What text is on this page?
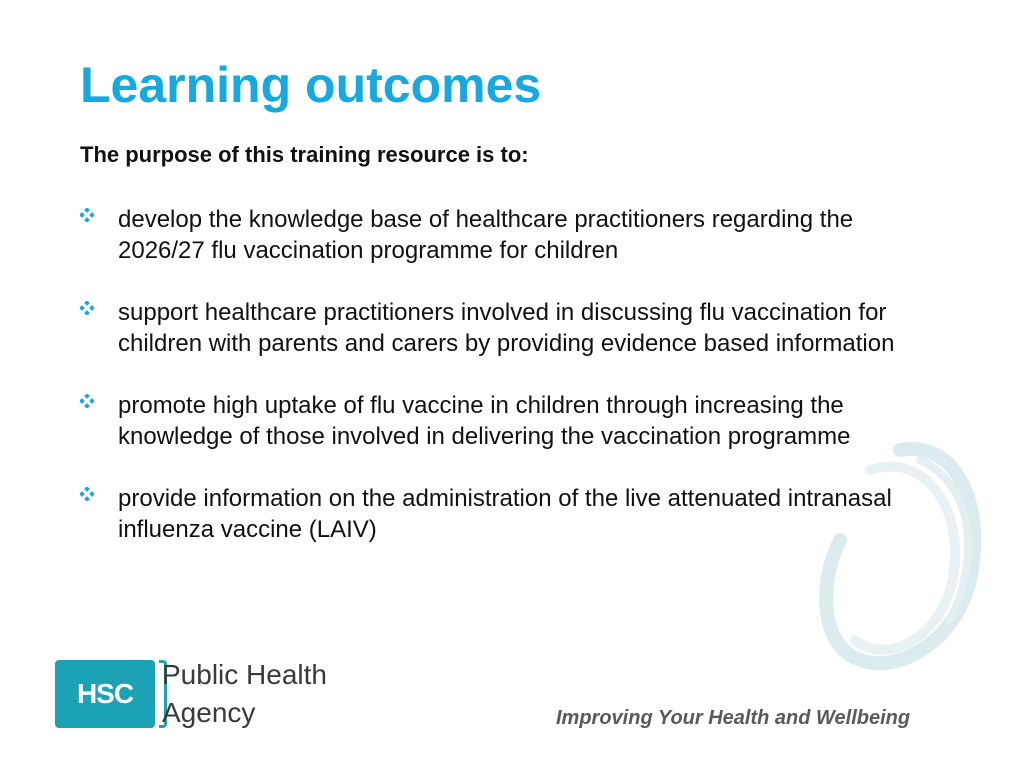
Learning outcomes

The purpose of this training resource is to:

develop the knowledge base of healthcare practitioners regarding the 2026/27 flu vaccination programme for children
support healthcare practitioners involved in discussing flu vaccination for children with parents and carers by providing evidence based information
promote high uptake of flu vaccine in children through increasing the knowledge of those involved in delivering the vaccination programme
provide information on the administration of the live attenuated intranasal influenza vaccine (LAIV)
HSC
Public Health
Agency	Improving Your Health and Wellbeing
